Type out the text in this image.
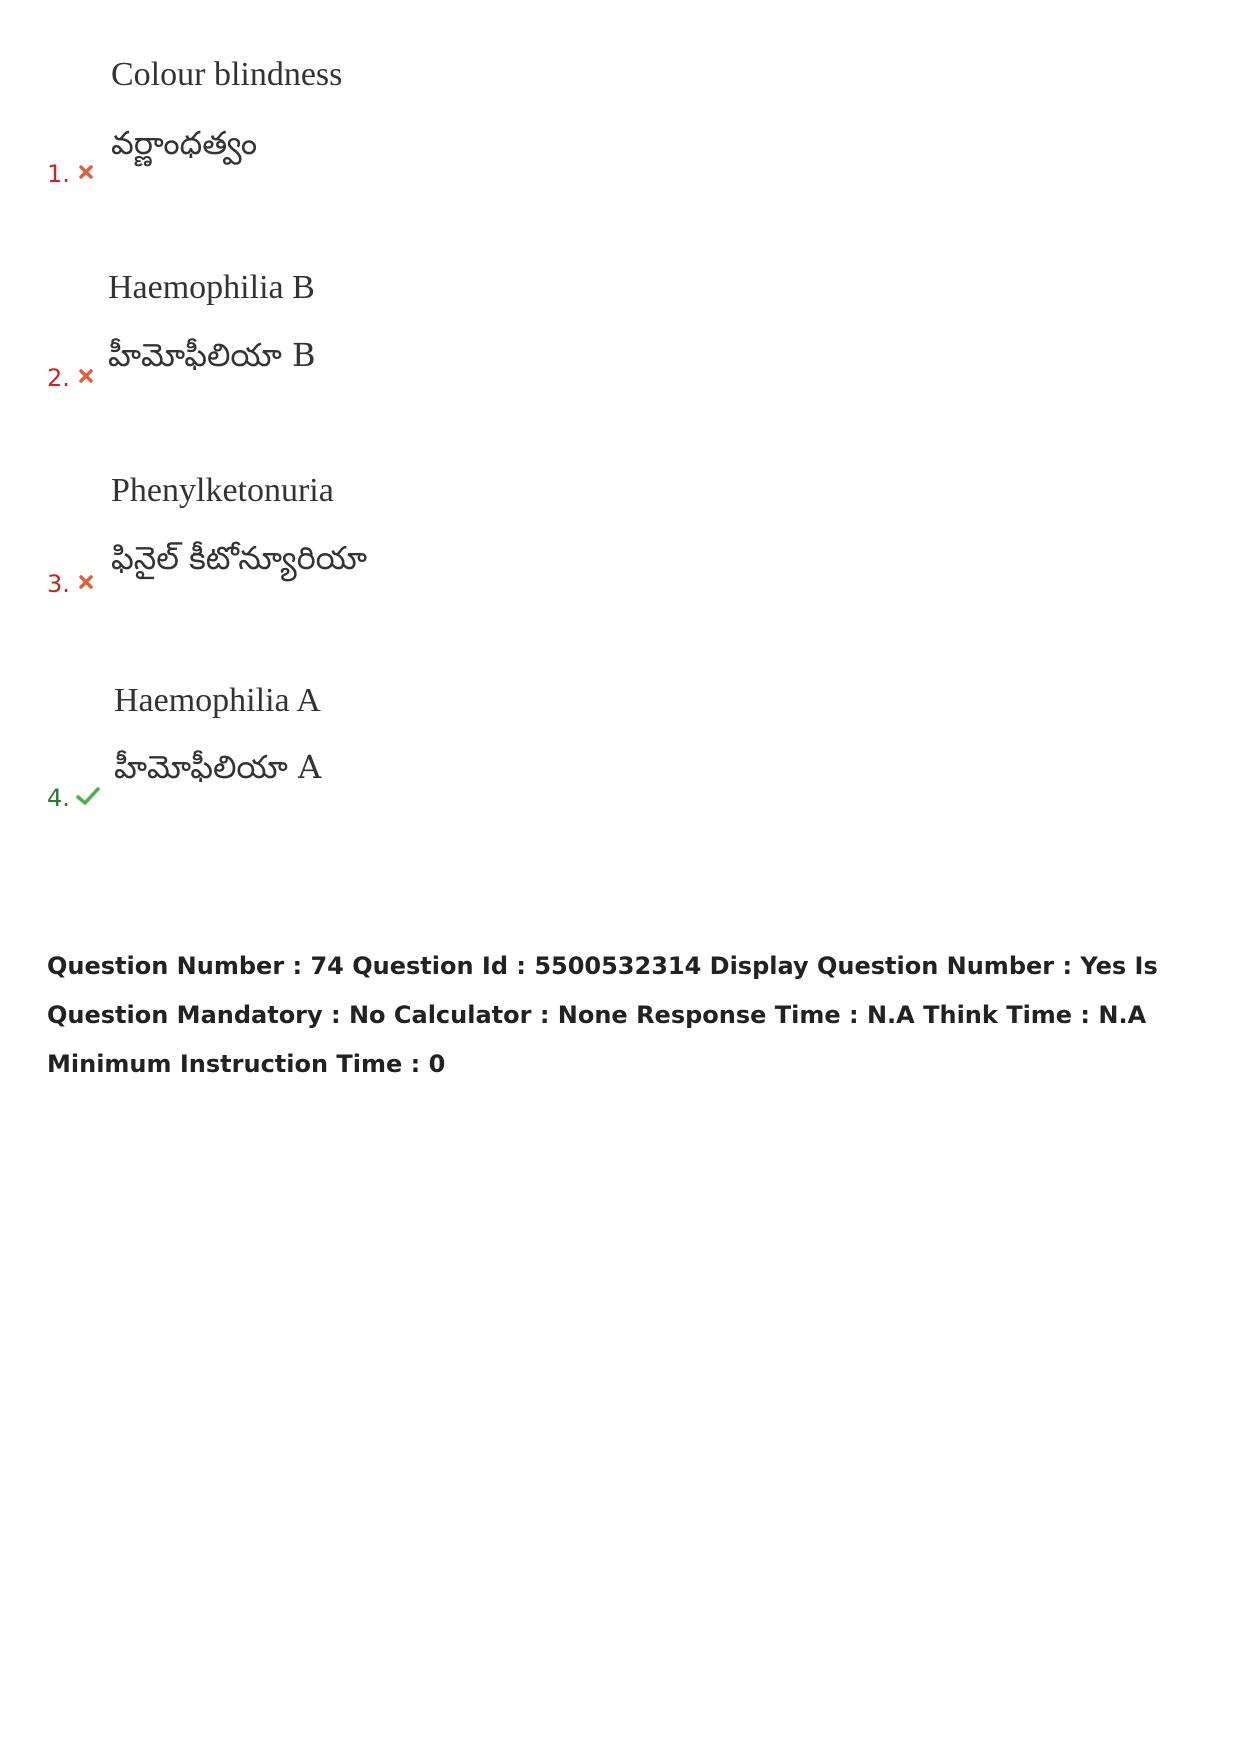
Colour blindness
వర్ణాంధత్వం
1.
Haemophilia B
హీమోఫీలియా B
2.
Phenylketonuria
ఫినైల్ కీటోన్యూరియా
3.
Haemophilia A
హీమోఫీలియా A
4.
Question Number : 74 Question Id : 5500532314 Display Question Number : Yes Is Question Mandatory : No Calculator : None Response Time : N.A Think Time : N.A Minimum Instruction Time : 0
